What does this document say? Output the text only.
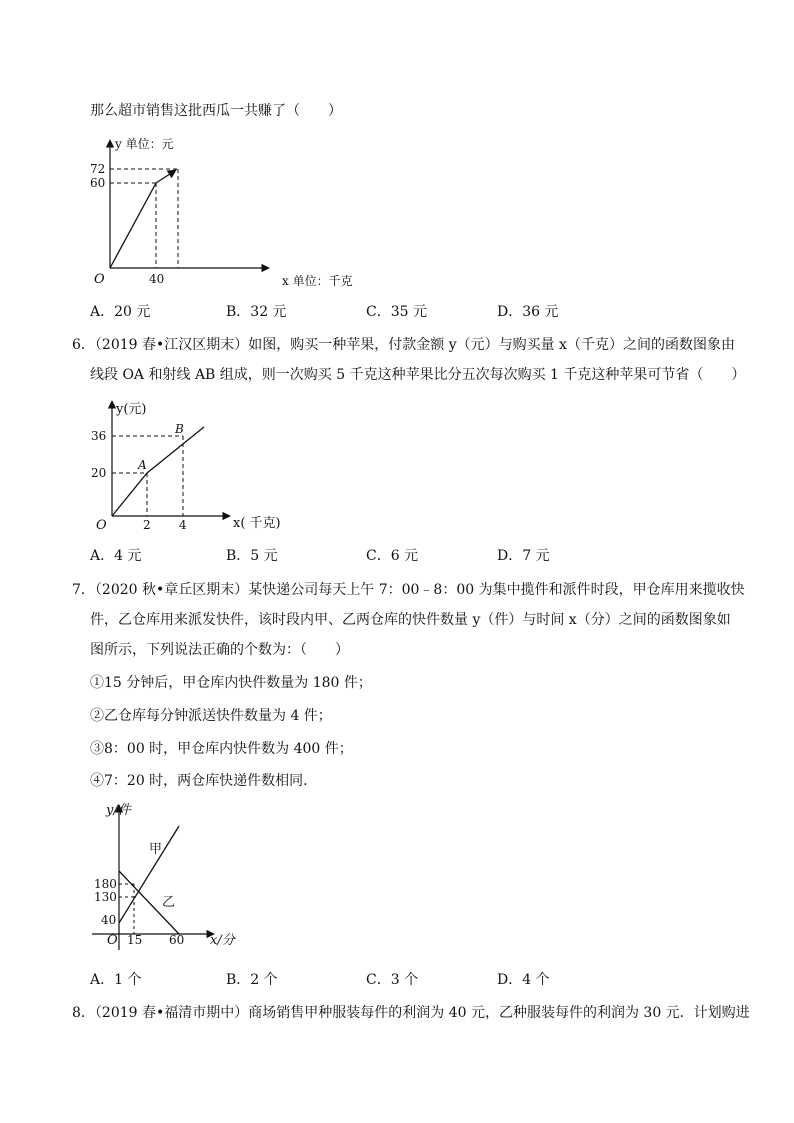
那么超市销售这批西瓜一共赚了（　　）
y 单位：元
x 单位：千克
O
72
60
40
A．20 元	B．32 元	C．35 元	D．36 元
6．（2019 春•江汉区期末）如图，购买一种苹果，付款金额 y（元）与购买量 x（千克）之间的函数图象由
线段 OA 和射线 AB 组成，则一次购买 5 千克这种苹果比分五次每次购买 1 千克这种苹果可节省（　　）
y(元)
x( 千克)
O
36
20
2 4
A
B
A．4 元	B．5 元	C．6 元	D．7 元
7．（2020 秋•章丘区期末）某快递公司每天上午 7：00﹣8：00 为集中揽件和派件时段，甲仓库用来揽收快
件，乙仓库用来派发快件，该时段内甲、乙两仓库的快件数量 y（件）与时间 x（分）之间的函数图象如
图所示，下列说法正确的个数为：（　　）
①15 分钟后，甲仓库内快件数量为 180 件；
②乙仓库每分钟派送快件数量为 4 件；
③8：00 时，甲仓库内快件数为 400 件；
④7：20 时，两仓库快递件数相同．
y/件
x/分
O
180
130
40
15 60
甲
乙
A．1 个	B．2 个	C．3 个	D．4 个
8．（2019 春•福清市期中）商场销售甲种服装每件的利润为 40 元，乙种服装每件的利润为 30 元．计划购进
